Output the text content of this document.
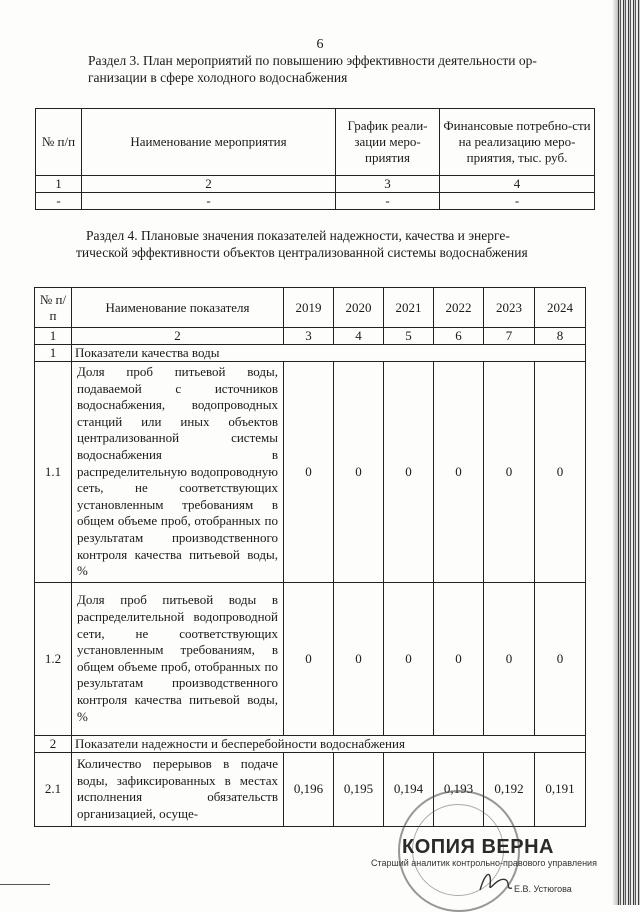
6
Раздел 3. План мероприятий по повышению эффективности деятельности ор-
ганизации в сфере холодного водоснабжения
№ п/п	Наименование мероприятия	График реали-зации меро-приятия	Финансовые потребно-сти на реализацию меро-приятия, тыс. руб.
1	2	3	4
-	-	-	-
Раздел 4. Плановые значения показателей надежности, качества и энерге-
тической эффективности объектов централизованной системы водоснабжения
№ п/п	Наименование показателя	2019	2020	2021	2022	2023	2024
1	2	3	4	5	6	7	8
1	Показатели качества воды						
1.1	Доля проб питьевой воды, подаваемой с источников водоснабжения, водопроводных станций или иных объектов централизованной системы водоснабжения в распределительную водопроводную сеть, не соответствующих установленным требованиям в общем объеме проб, отобранных по результатам производственного контроля качества питьевой воды, %	0	0	0	0	0	0
1.2	Доля проб питьевой воды в распределительной водопроводной сети, не соответствующих установленным требованиям, в общем объеме проб, отобранных по результатам производственного контроля качества питьевой воды, %	0	0	0	0	0	0
2	Показатели надежности и бесперебойности водоснабжения						
2.1	Количество перерывов в подаче воды, зафиксированных в местах исполнения обязательств организацией, осуще-	0,196	0,195	0,194	0,193	0,192	0,191
КОПИЯ ВЕРНА
Старший аналитик контрольно-правового управления
Е.В. Устюгова
